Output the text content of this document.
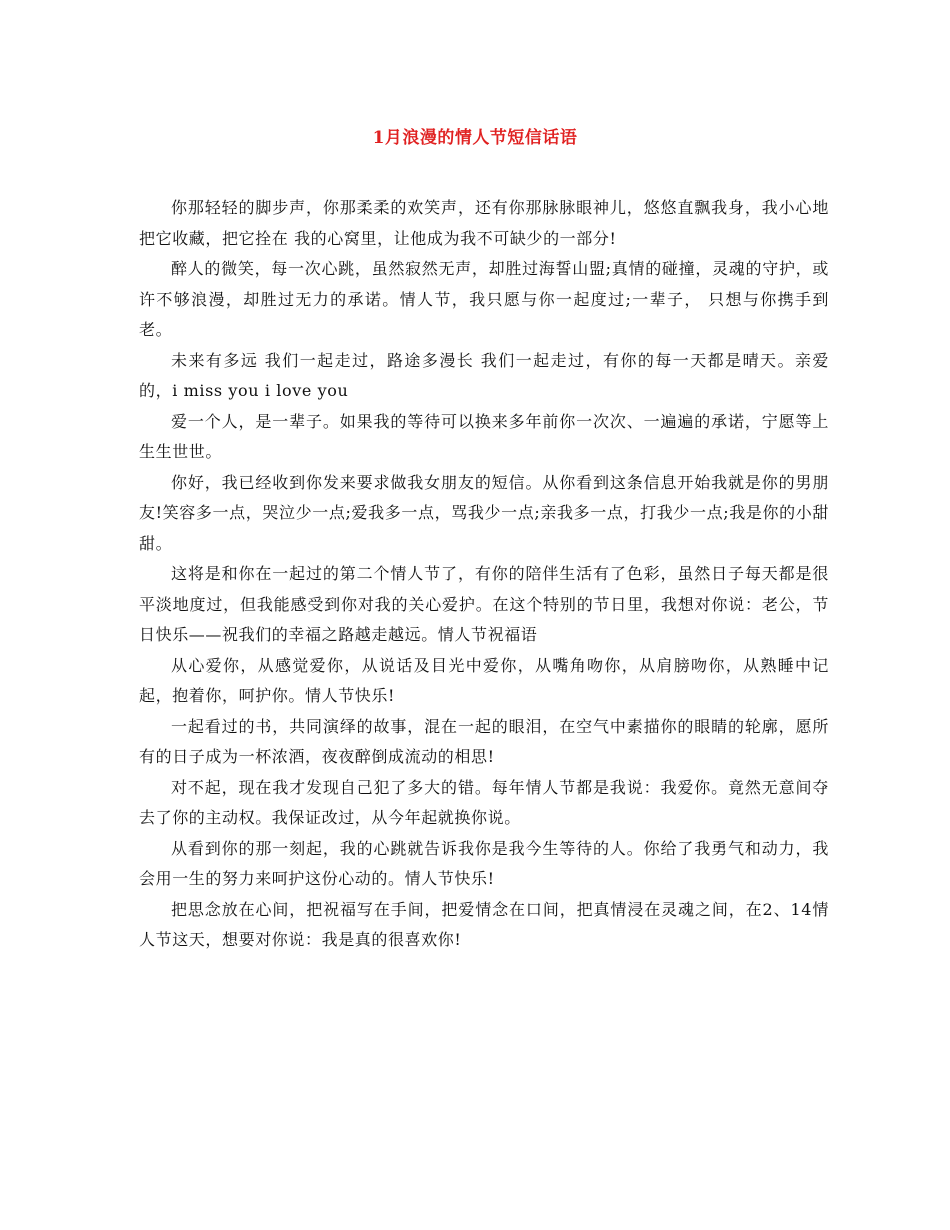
1月浪漫的情人节短信话语

你那轻轻的脚步声，你那柔柔的欢笑声，还有你那脉脉眼神儿，悠悠直飘我身，我小心地把它收藏，把它拴在 我的心窝里，让他成为我不可缺少的一部分!

醉人的微笑，每一次心跳，虽然寂然无声，却胜过海誓山盟;真情的碰撞，灵魂的守护，或许不够浪漫，却胜过无力的承诺。情人节，我只愿与你一起度过;一辈子， 只想与你携手到老。

未来有多远 我们一起走过，路途多漫长 我们一起走过，有你的每一天都是晴天。亲爱的，i miss you i love you

爱一个人，是一辈子。如果我的等待可以换来多年前你一次次、一遍遍的承诺，宁愿等上生生世世。

你好，我已经收到你发来要求做我女朋友的短信。从你看到这条信息开始我就是你的男朋友!笑容多一点，哭泣少一点;爱我多一点，骂我少一点;亲我多一点，打我少一点;我是你的小甜甜。

这将是和你在一起过的第二个情人节了，有你的陪伴生活有了色彩，虽然日子每天都是很平淡地度过，但我能感受到你对我的关心爱护。在这个特别的节日里，我想对你说：老公，节日快乐——祝我们的幸福之路越走越远。情人节祝福语

从心爱你，从感觉爱你，从说话及目光中爱你，从嘴角吻你，从肩膀吻你，从熟睡中记起，抱着你，呵护你。情人节快乐!

一起看过的书，共同演绎的故事，混在一起的眼泪，在空气中素描你的眼睛的轮廓，愿所有的日子成为一杯浓酒，夜夜醉倒成流动的相思!

对不起，现在我才发现自己犯了多大的错。每年情人节都是我说：我爱你。竟然无意间夺去了你的主动权。我保证改过，从今年起就换你说。

从看到你的那一刻起，我的心跳就告诉我你是我今生等待的人。你给了我勇气和动力，我会用一生的努力来呵护这份心动的。情人节快乐!

把思念放在心间，把祝福写在手间，把爱情念在口间，把真情浸在灵魂之间，在2、14情人节这天，想要对你说：我是真的很喜欢你!
